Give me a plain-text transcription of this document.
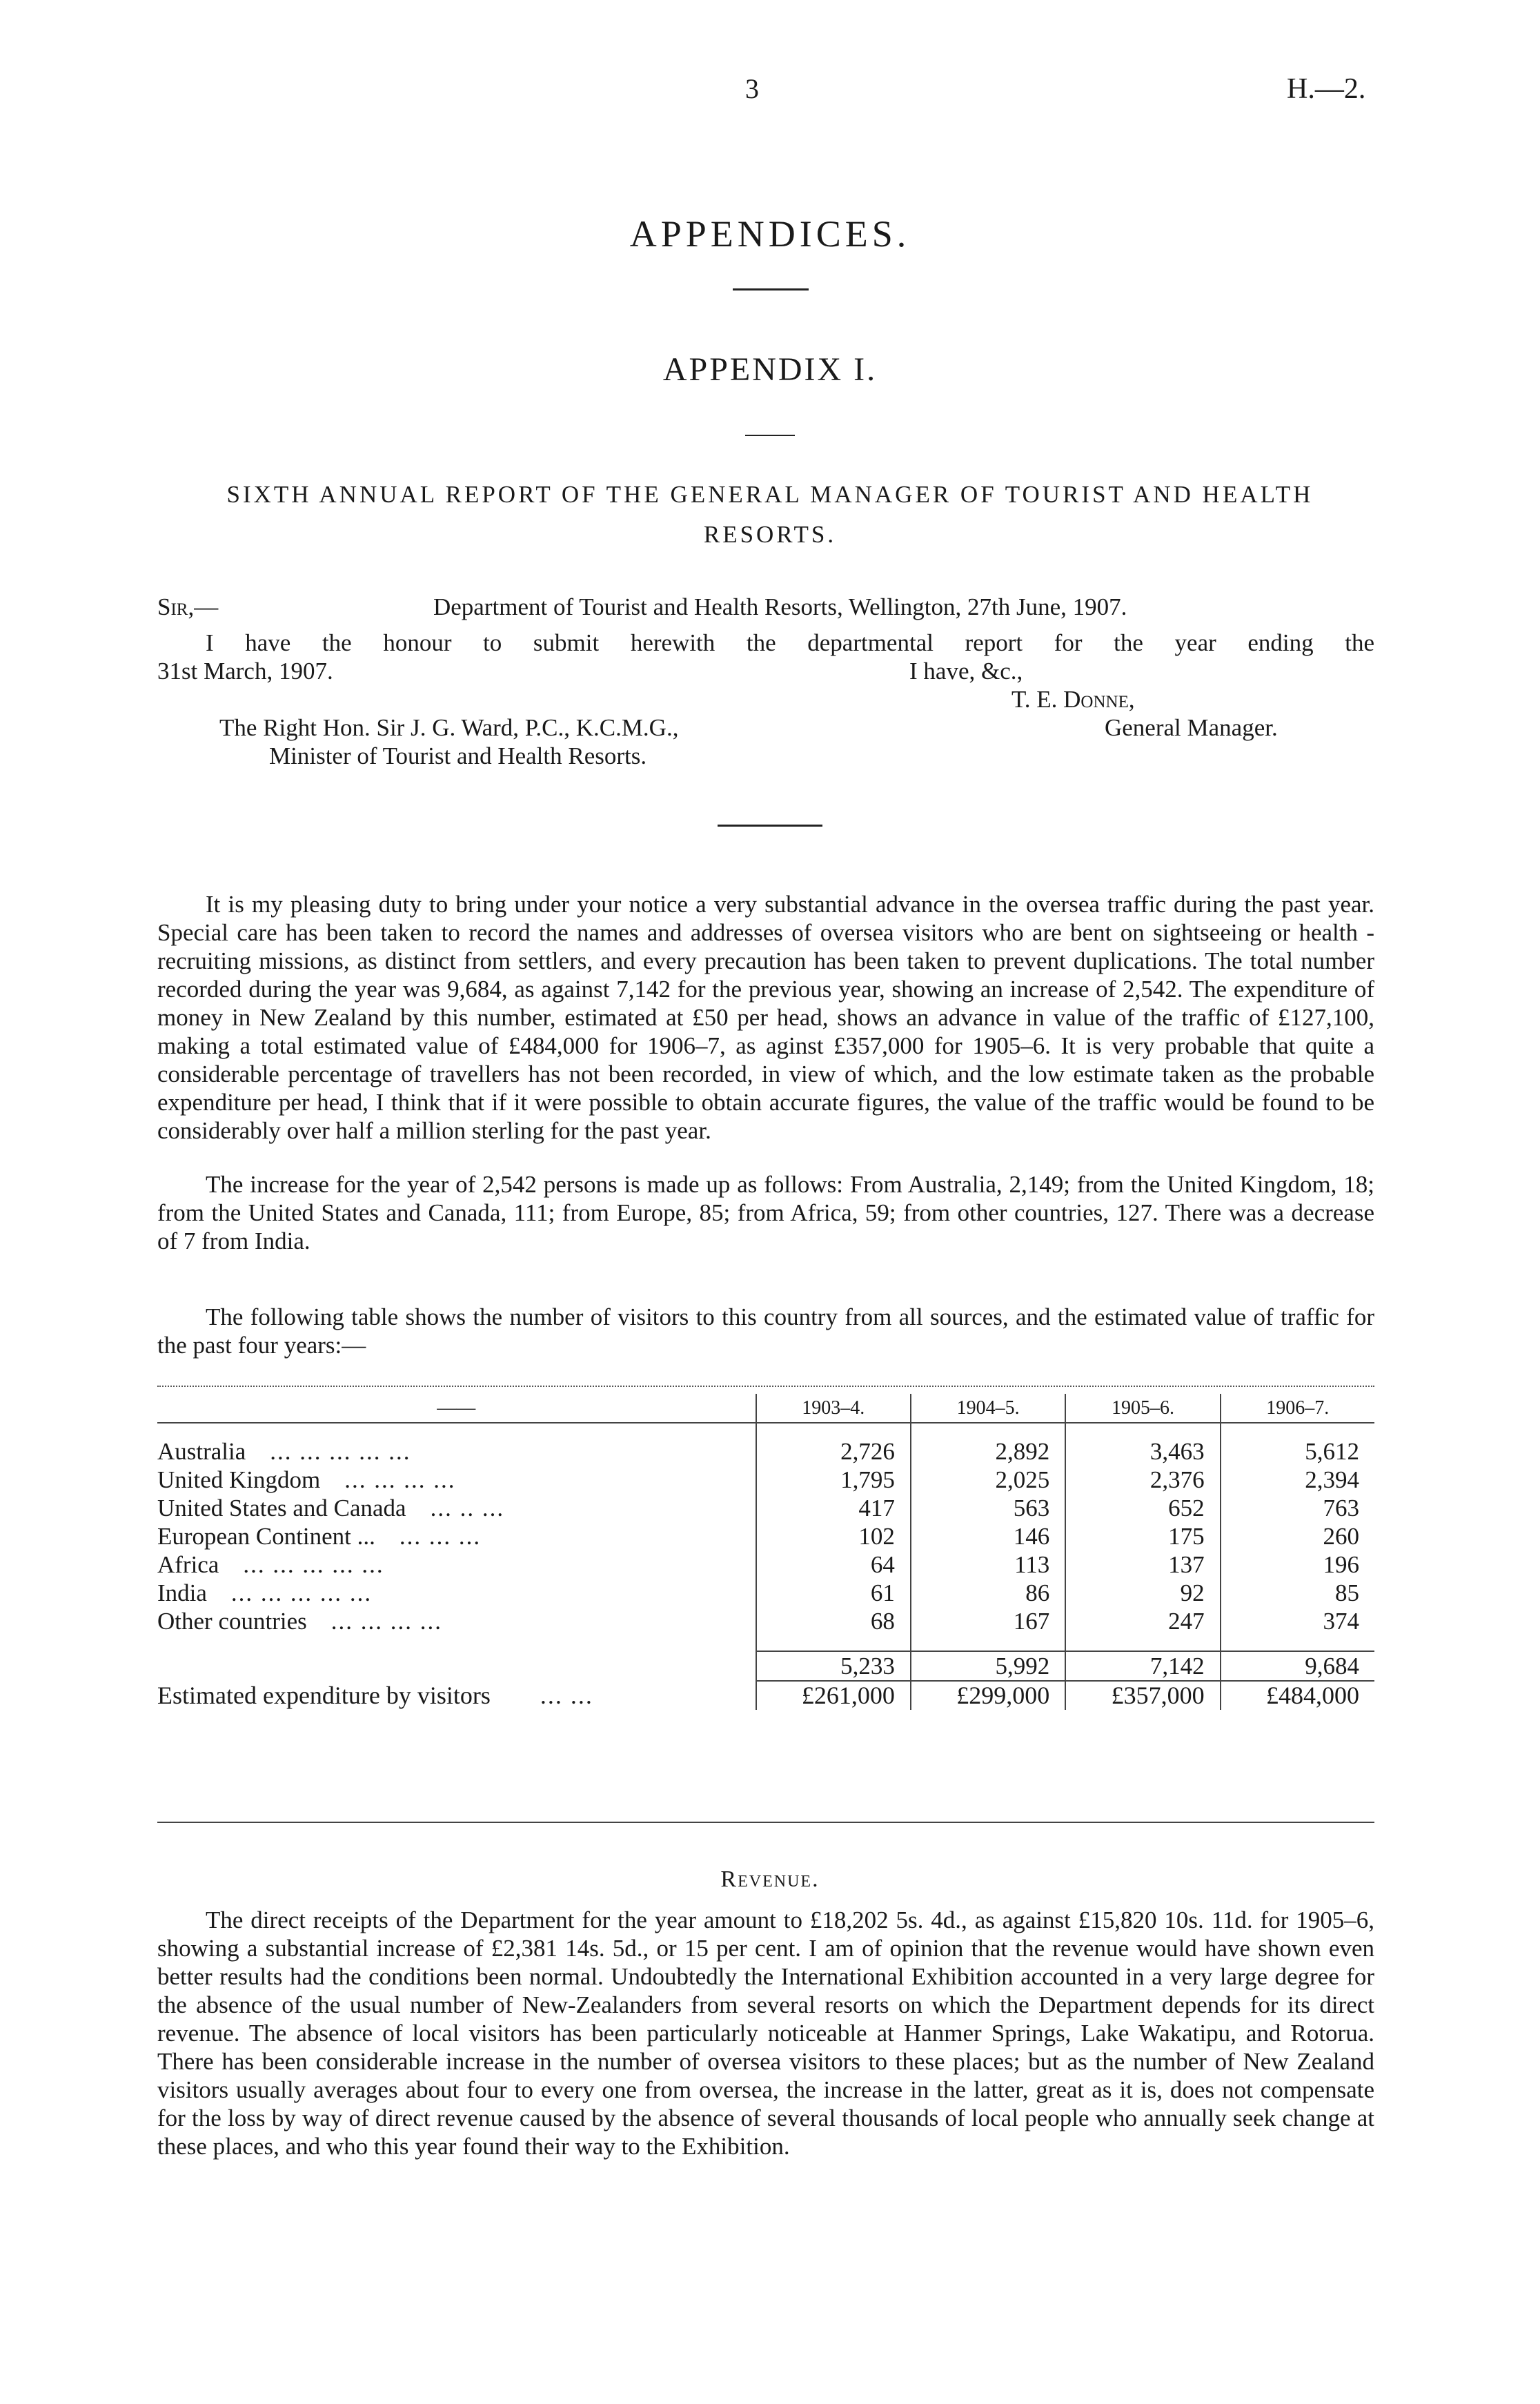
3	H.—2.
APPENDICES.
APPENDIX I.
SIXTH ANNUAL REPORT OF THE GENERAL MANAGER OF TOURIST AND HEALTH
RESORTS.
Sir,—	Department of Tourist and Health Resorts, Wellington, 27th June, 1907.
I have the honour to submit herewith the departmental report for the year ending the
31st March, 1907.	I have, &c.,
T. E. Donne,
General Manager.
The Right Hon. Sir J. G. Ward, P.C., K.C.M.G.,
Minister of Tourist and Health Resorts.
It is my pleasing duty to bring under your notice a very substantial advance in the oversea traffic during the past year. Special care has been taken to record the names and addresses of oversea visitors who are bent on sightseeing or health - recruiting missions, as distinct from settlers, and every precaution has been taken to prevent duplications. The total number recorded during the year was 9,684, as against 7,142 for the previous year, showing an increase of 2,542. The expenditure of money in New Zealand by this number, estimated at £50 per head, shows an advance in value of the traffic of £127,100, making a total estimated value of £484,000 for 1906–7, as aginst £357,000 for 1905–6. It is very probable that quite a considerable percentage of travellers has not been recorded, in view of which, and the low estimate taken as the probable expenditure per head, I think that if it were possible to obtain accurate figures, the value of the traffic would be found to be considerably over half a million sterling for the past year.
The increase for the year of 2,542 persons is made up as follows: From Australia, 2,149; from the United Kingdom, 18; from the United States and Canada, 111; from Europe, 85; from Africa, 59; from other countries, 127. There was a decrease of 7 from India.
The following table shows the number of visitors to this country from all sources, and the estimated value of traffic for the past four years:—
——	1903–4.	1904–5.	1905–6.	1906–7.

Australia ... ... ... ... ...	2,726	2,892	3,463	5,612
United Kingdom ... ... ... ...	1,795	2,025	2,376	2,394
United States and Canada ... .. ...	417	563	652	763
European Continent ... ... ... ...	102	146	175	260
Africa ... ... ... ... ...	64	113	137	196
India ... ... ... ... ...	61	86	92	85
Other countries ... ... ... ...	68	167	247	374

	5,233	5,992	7,142	9,684
Estimated expenditure by visitors ... ...	£261,000	£299,000	£357,000	£484,000
Revenue.
The direct receipts of the Department for the year amount to £18,202 5s. 4d., as against £15,820 10s. 11d. for 1905–6, showing a substantial increase of £2,381 14s. 5d., or 15 per cent. I am of opinion that the revenue would have shown even better results had the conditions been normal. Undoubtedly the International Exhibition accounted in a very large degree for the absence of the usual number of New-Zealanders from several resorts on which the Department depends for its direct revenue. The absence of local visitors has been particularly noticeable at Hanmer Springs, Lake Wakatipu, and Rotorua. There has been considerable increase in the number of oversea visitors to these places; but as the number of New Zealand visitors usually averages about four to every one from oversea, the increase in the latter, great as it is, does not compensate for the loss by way of direct revenue caused by the absence of several thousands of local people who annually seek change at these places, and who this year found their way to the Exhibition.
